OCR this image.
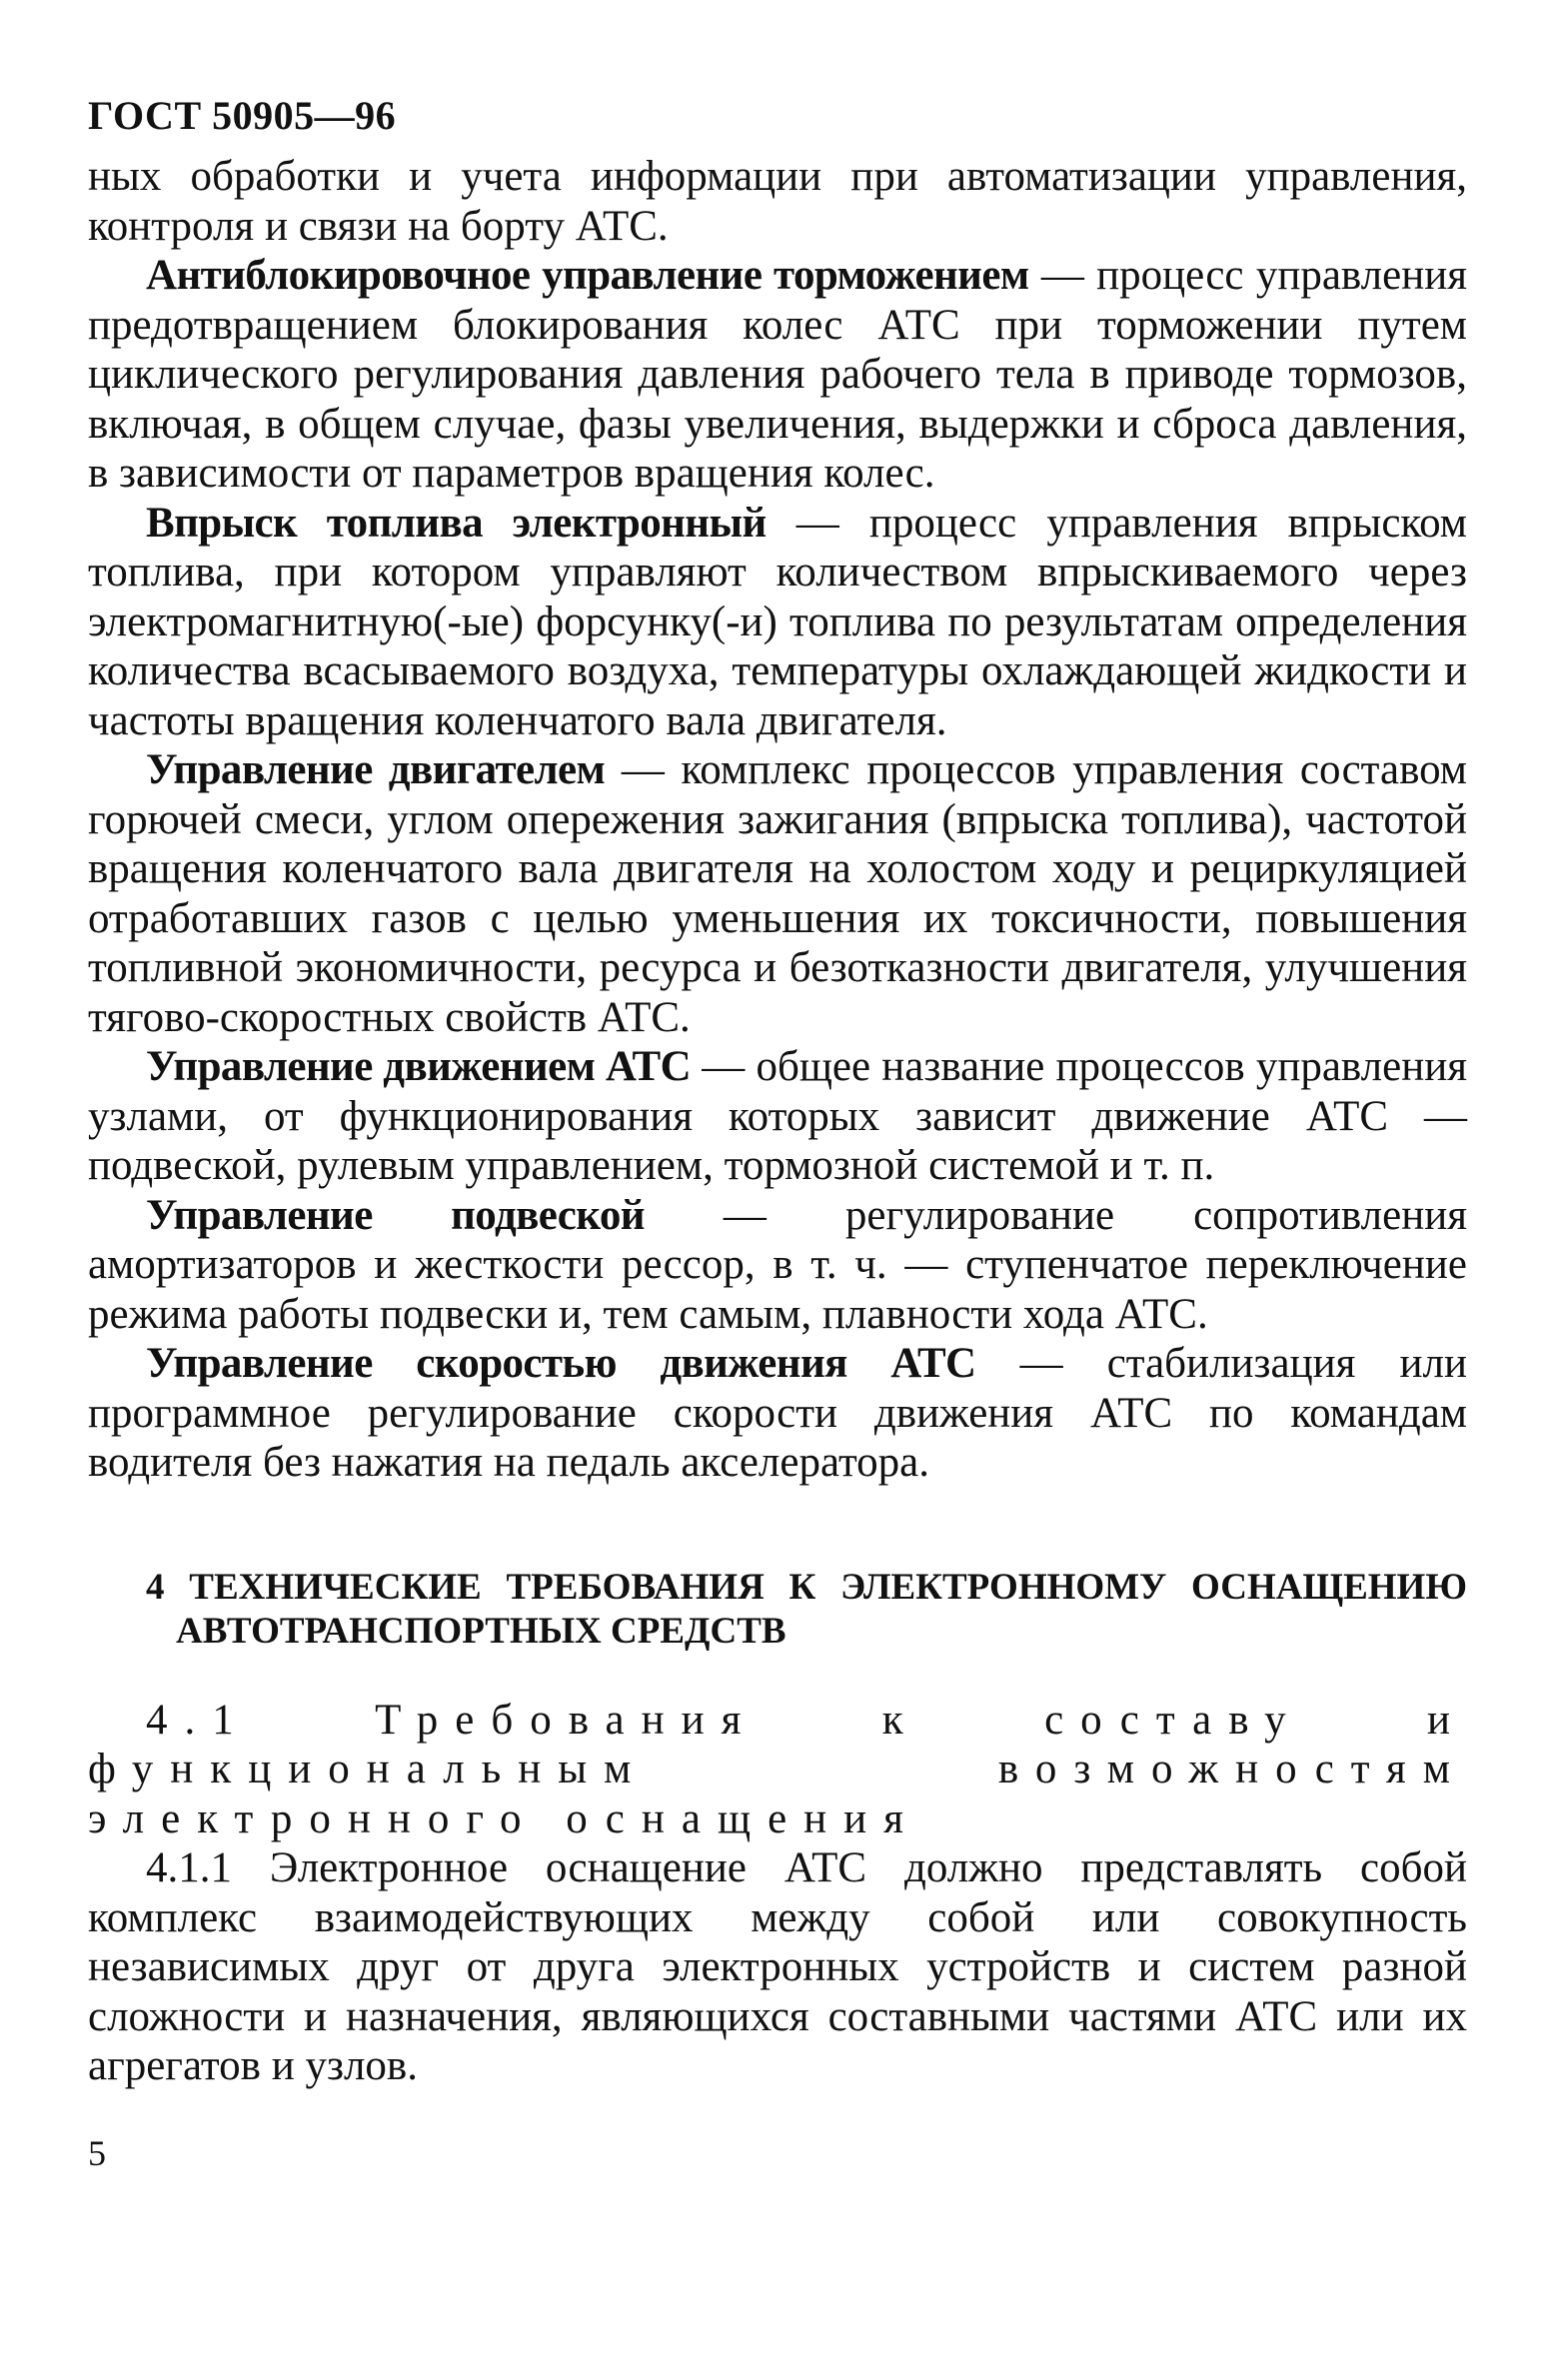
ГОСТ 50905—96

ных обработки и учета информации при автоматизации управления, контроля и связи на борту АТС.

Антиблокировочное управление торможением — процесс управления предотвращением блокирования колес АТС при торможении путем циклического регулирования давления рабочего тела в приводе тормозов, включая, в общем случае, фазы увеличения, выдержки и сброса давления, в зависимости от параметров вращения колес.

Впрыск топлива электронный — процесс управления впрыском топлива, при котором управляют количеством впрыскиваемого через электромагнитную(-ые) форсунку(-и) топлива по результатам определения количества всасываемого воздуха, температуры охлаждающей жидкости и частоты вращения коленчатого вала двигателя.

Управление двигателем — комплекс процессов управления составом горючей смеси, углом опережения зажигания (впрыска топлива), частотой вращения коленчатого вала двигателя на холостом ходу и рециркуляцией отработавших газов с целью уменьшения их токсичности, повышения топливной экономичности, ресурса и безотказности двигателя, улучшения тягово-скоростных свойств АТС.

Управление движением АТС — общее название процессов управления узлами, от функционирования которых зависит движение АТС — подвеской, рулевым управлением, тормозной системой и т. п.

Управление подвеской — регулирование сопротивления амортизаторов и жесткости рессор, в т. ч. — ступенчатое переключение режима работы подвески и, тем самым, плавности хода АТС.

Управление скоростью движения АТС — стабилизация или программное регулирование скорости движения АТС по командам водителя без нажатия на педаль акселератора.

4 ТЕХНИЧЕСКИЕ ТРЕБОВАНИЯ К ЭЛЕКТРОННОМУ ОСНАЩЕНИЮ АВТОТРАНСПОРТНЫХ СРЕДСТВ

4.1 Требования к составу и функциональным возможностям электронного оснащения

4.1.1 Электронное оснащение АТС должно представлять собой комплекс взаимодействующих между собой или совокупность независимых друг от друга электронных устройств и систем разной сложности и назначения, являющихся составными частями АТС или их агрегатов и узлов.

5
